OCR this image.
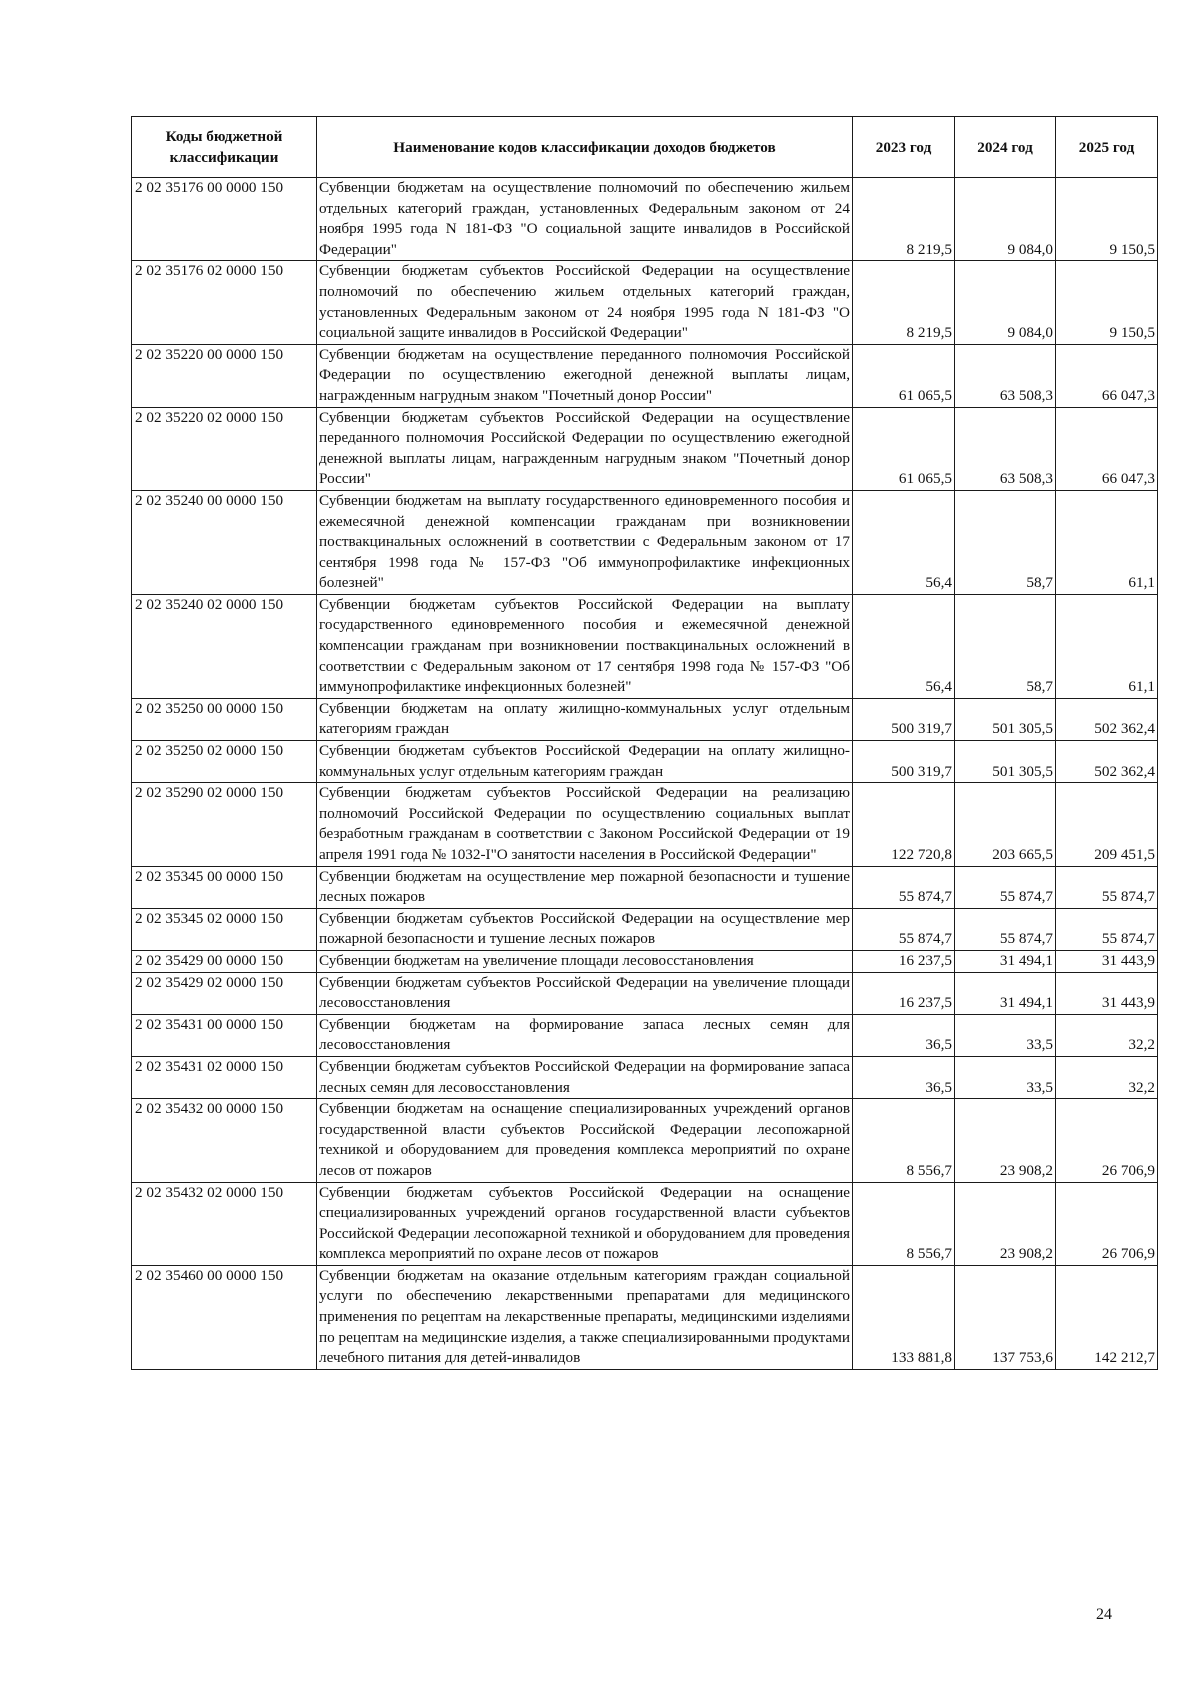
Коды бюджетной классификации	Наименование кодов классификации доходов бюджетов	2023 год	2024 год	2025 год
2 02 35176 00 0000 150	Субвенции бюджетам на осуществление полномочий по обеспечению жильем отдельных категорий граждан, установленных Федеральным законом от 24 ноября 1995 года N 181-ФЗ "О социальной защите инвалидов в Российской Федерации"	8 219,5	9 084,0	9 150,5
2 02 35176 02 0000 150	Субвенции бюджетам субъектов Российской Федерации на осуществление полномочий по обеспечению жильем отдельных категорий граждан, установленных Федеральным законом от 24 ноября 1995 года N 181-ФЗ "О социальной защите инвалидов в Российской Федерации"	8 219,5	9 084,0	9 150,5
2 02 35220 00 0000 150	Субвенции бюджетам на осуществление переданного полномочия Российской Федерации по осуществлению ежегодной денежной выплаты лицам, награжденным нагрудным знаком "Почетный донор России"	61 065,5	63 508,3	66 047,3
2 02 35220 02 0000 150	Субвенции бюджетам субъектов Российской Федерации на осуществление переданного полномочия Российской Федерации по осуществлению ежегодной денежной выплаты лицам, награжденным нагрудным знаком "Почетный донор России"	61 065,5	63 508,3	66 047,3
2 02 35240 00 0000 150	Субвенции бюджетам на выплату государственного единовременного пособия и ежемесячной денежной компенсации гражданам при возникновении поствакцинальных осложнений в соответствии с Федеральным законом от 17 сентября 1998 года № 157-ФЗ "Об иммунопрофилактике инфекционных болезней"	56,4	58,7	61,1
2 02 35240 02 0000 150	Субвенции бюджетам субъектов Российской Федерации на выплату государственного единовременного пособия и ежемесячной денежной компенсации гражданам при возникновении поствакцинальных осложнений в соответствии с Федеральным законом от 17 сентября 1998 года № 157-ФЗ "Об иммунопрофилактике инфекционных болезней"	56,4	58,7	61,1
2 02 35250 00 0000 150	Субвенции бюджетам на оплату жилищно-коммунальных услуг отдельным категориям граждан	500 319,7	501 305,5	502 362,4
2 02 35250 02 0000 150	Субвенции бюджетам субъектов Российской Федерации на оплату жилищно-коммунальных услуг отдельным категориям граждан	500 319,7	501 305,5	502 362,4
2 02 35290 02 0000 150	Субвенции бюджетам субъектов Российской Федерации на реализацию полномочий Российской Федерации по осуществлению социальных выплат безработным гражданам в соответствии с Законом Российской Федерации от 19 апреля 1991 года № 1032-I"О занятости населения в Российской Федерации"	122 720,8	203 665,5	209 451,5
2 02 35345 00 0000 150	Субвенции бюджетам на осуществление мер пожарной безопасности и тушение лесных пожаров	55 874,7	55 874,7	55 874,7
2 02 35345 02 0000 150	Субвенции бюджетам субъектов Российской Федерации на осуществление мер пожарной безопасности и тушение лесных пожаров	55 874,7	55 874,7	55 874,7
2 02 35429 00 0000 150	Субвенции бюджетам на увеличение площади лесовосстановления	16 237,5	31 494,1	31 443,9
2 02 35429 02 0000 150	Субвенции бюджетам субъектов Российской Федерации на увеличение площади лесовосстановления	16 237,5	31 494,1	31 443,9
2 02 35431 00 0000 150	Субвенции бюджетам на формирование запаса лесных семян для лесовосстановления	36,5	33,5	32,2
2 02 35431 02 0000 150	Субвенции бюджетам субъектов Российской Федерации на формирование запаса лесных семян для лесовосстановления	36,5	33,5	32,2
2 02 35432 00 0000 150	Субвенции бюджетам на оснащение специализированных учреждений органов государственной власти субъектов Российской Федерации лесопожарной техникой и оборудованием для проведения комплекса мероприятий по охране лесов от пожаров	8 556,7	23 908,2	26 706,9
2 02 35432 02 0000 150	Субвенции бюджетам субъектов Российской Федерации на оснащение специализированных учреждений органов государственной власти субъектов Российской Федерации лесопожарной техникой и оборудованием для проведения комплекса мероприятий по охране лесов от пожаров	8 556,7	23 908,2	26 706,9
2 02 35460 00 0000 150	Субвенции бюджетам на оказание отдельным категориям граждан социальной услуги по обеспечению лекарственными препаратами для медицинского применения по рецептам на лекарственные препараты, медицинскими изделиями по рецептам на медицинские изделия, а также специализированными продуктами лечебного питания для детей-инвалидов	133 881,8	137 753,6	142 212,7
24
